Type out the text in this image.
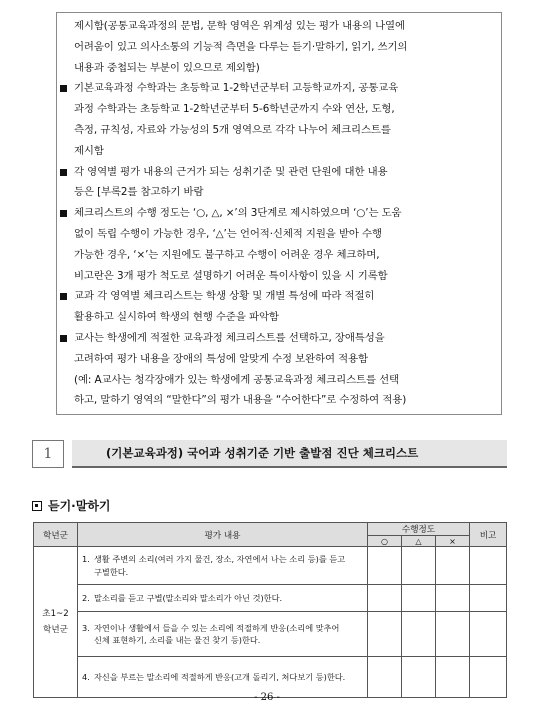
제시함(공통교육과정의 문법, 문학 영역은 위계성 있는 평가 내용의 나열에
어려움이 있고 의사소통의 기능적 측면을 다루는 듣기·말하기, 읽기, 쓰기의
내용과 중첩되는 부분이 있으므로 제외함)
기본교육과정 수학과는 초등학교 1-2학년군부터 고등학교까지, 공통교육
과정 수학과는 초등학교 1-2학년군부터 5-6학년군까지 수와 연산, 도형,
측정, 규칙성, 자료와 가능성의 5개 영역으로 각각 나누어 체크리스트를
제시함
각 영역별 평가 내용의 근거가 되는 성취기준 및 관련 단원에 대한 내용
등은 [부록2를 참고하기 바람
체크리스트의 수행 정도는 ‘○, △, ×’의 3단계로 제시하였으며 ‘○’는 도움
없이 독립 수행이 가능한 경우, ‘△’는 언어적·신체적 지원을 받아 수행
가능한 경우, ‘×’는 지원에도 불구하고 수행이 어려운 경우 체크하며,
비고란은 3개 평가 척도로 설명하기 어려운 특이사항이 있을 시 기록함
교과 각 영역별 체크리스트는 학생 상황 및 개별 특성에 따라 적절히
활용하고 실시하여 학생의 현행 수준을 파악함
교사는 학생에게 적절한 교육과정 체크리스트를 선택하고, 장애특성을
고려하여 평가 내용을 장애의 특성에 알맞게 수정 보완하여 적용함
(예: A교사는 청각장애가 있는 학생에게 공통교육과정 체크리스트를 선택
하고, 말하기 영역의 “말한다”의 평가 내용을 “수어한다”로 수정하여 적용)
1	(기본교육과정) 국어과 성취기준 기반 출발점 진단 체크리스트
듣기·말하기
학년군	평가 내용	수행정도			비고
		○	△	×	
초1~2
학년군	1. 생활 주변의 소리(여러 가지 물건, 장소, 자연에서 나는 소리 등)를 듣고 구별한다.				
	2. 말소리를 듣고 구별(말소리와 말소리가 아닌 것)한다.				
	3. 자연이나 생활에서 들을 수 있는 소리에 적절하게 반응(소리에 맞추어 신체 표현하기, 소리를 내는 물건 찾기 등)한다.				
	4. 자신을 부르는 말소리에 적절하게 반응(고개 돌리기, 쳐다보기 등)한다.				
- 26 -
